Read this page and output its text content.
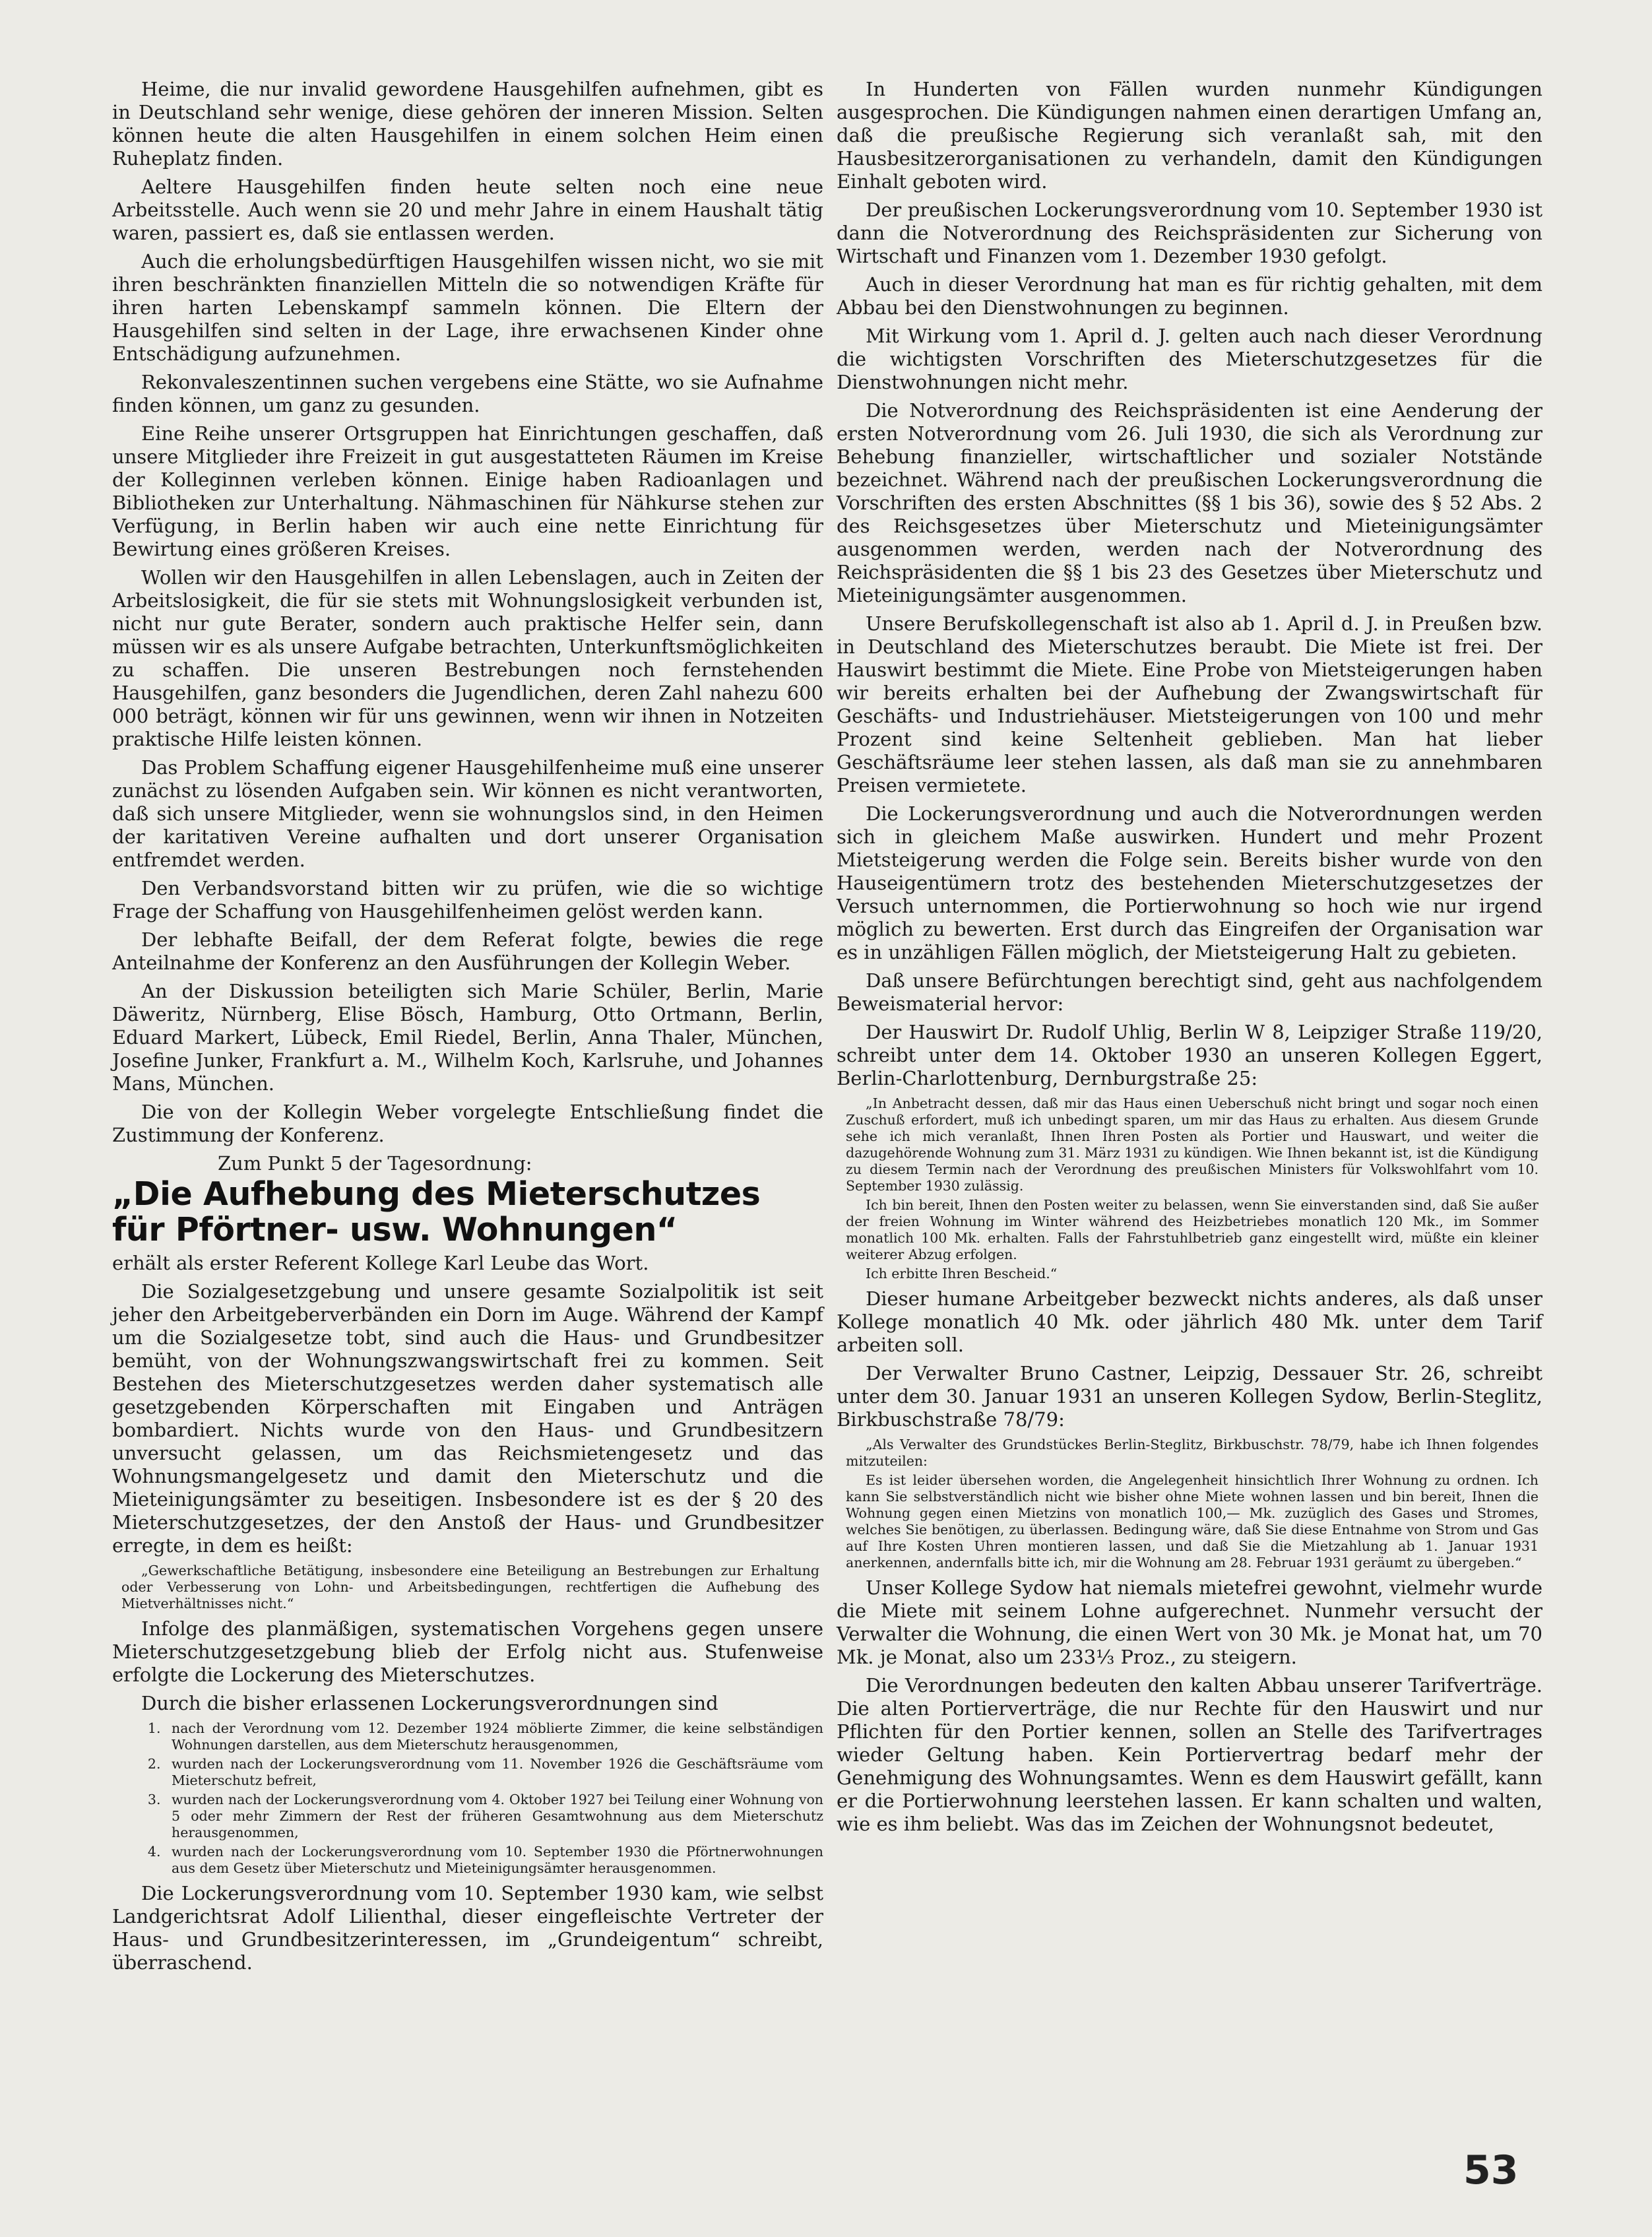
Heime, die nur invalid gewordene Hausgehilfen aufnehmen, gibt es in Deutschland sehr wenige, diese gehören der inneren Mission. Selten können heute die alten Hausgehilfen in einem solchen Heim einen Ruheplatz finden.

Aeltere Hausgehilfen finden heute selten noch eine neue Arbeitsstelle. Auch wenn sie 20 und mehr Jahre in einem Haushalt tätig waren, passiert es, daß sie entlassen werden.

Auch die erholungsbedürftigen Hausgehilfen wissen nicht, wo sie mit ihren beschränkten finanziellen Mitteln die so notwendigen Kräfte für ihren harten Lebenskampf sammeln können. Die Eltern der Hausgehilfen sind selten in der Lage, ihre erwachsenen Kinder ohne Entschädigung aufzunehmen.

Rekonvaleszentinnen suchen vergebens eine Stätte, wo sie Aufnahme finden können, um ganz zu gesunden.

Eine Reihe unserer Ortsgruppen hat Einrichtungen geschaffen, daß unsere Mitglieder ihre Freizeit in gut ausgestatteten Räumen im Kreise der Kolleginnen verleben können. Einige haben Radioanlagen und Bibliotheken zur Unterhaltung. Nähmaschinen für Nähkurse stehen zur Verfügung, in Berlin haben wir auch eine nette Einrichtung für Bewirtung eines größeren Kreises.

Wollen wir den Hausgehilfen in allen Lebenslagen, auch in Zeiten der Arbeitslosigkeit, die für sie stets mit Wohnungslosigkeit verbunden ist, nicht nur gute Berater, sondern auch praktische Helfer sein, dann müssen wir es als unsere Aufgabe betrachten, Unterkunftsmöglichkeiten zu schaffen. Die unseren Bestrebungen noch fernstehenden Hausgehilfen, ganz besonders die Jugendlichen, deren Zahl nahezu 600 000 beträgt, können wir für uns gewinnen, wenn wir ihnen in Notzeiten praktische Hilfe leisten können.

Das Problem Schaffung eigener Hausgehilfenheime muß eine unserer zunächst zu lösenden Aufgaben sein. Wir können es nicht verantworten, daß sich unsere Mitglieder, wenn sie wohnungslos sind, in den Heimen der karitativen Vereine aufhalten und dort unserer Organisation entfremdet werden.

Den Verbandsvorstand bitten wir zu prüfen, wie die so wichtige Frage der Schaffung von Hausgehilfenheimen gelöst werden kann.

Der lebhafte Beifall, der dem Referat folgte, bewies die rege Anteilnahme der Konferenz an den Ausführungen der Kollegin Weber.

An der Diskussion beteiligten sich Marie Schüler, Berlin, Marie Däweritz, Nürnberg, Elise Bösch, Hamburg, Otto Ortmann, Berlin, Eduard Markert, Lübeck, Emil Riedel, Berlin, Anna Thaler, München, Josefine Junker, Frankfurt a. M., Wilhelm Koch, Karlsruhe, und Johannes Mans, München.

Die von der Kollegin Weber vorgelegte Entschließung findet die Zustimmung der Konferenz.

Zum Punkt 5 der Tagesordnung:

„Die Aufhebung des Mieterschutzes für Pförtner- usw. Wohnungen“

erhält als erster Referent Kollege Karl Leube das Wort.

Die Sozialgesetzgebung und unsere gesamte Sozialpolitik ist seit jeher den Arbeitgeberverbänden ein Dorn im Auge. Während der Kampf um die Sozialgesetze tobt, sind auch die Haus- und Grundbesitzer bemüht, von der Wohnungszwangswirtschaft frei zu kommen. Seit Bestehen des Mieterschutzgesetzes werden daher systematisch alle gesetzgebenden Körperschaften mit Eingaben und Anträgen bombardiert. Nichts wurde von den Haus- und Grundbesitzern unversucht gelassen, um das Reichsmietengesetz und das Wohnungsmangelgesetz und damit den Mieterschutz und die Mieteinigungsämter zu beseitigen. Insbesondere ist es der § 20 des Mieterschutzgesetzes, der den Anstoß der Haus- und Grundbesitzer erregte, in dem es heißt:

„Gewerkschaftliche Betätigung, insbesondere eine Beteiligung an Bestrebungen zur Erhaltung oder Verbesserung von Lohn- und Arbeitsbedingungen, rechtfertigen die Aufhebung des Mietverhältnisses nicht.“

Infolge des planmäßigen, systematischen Vorgehens gegen unsere Mieterschutzgesetzgebung blieb der Erfolg nicht aus. Stufenweise erfolgte die Lockerung des Mieterschutzes.

Durch die bisher erlassenen Lockerungsverordnungen sind

1. nach der Verordnung vom 12. Dezember 1924 möblierte Zimmer, die keine selbständigen Wohnungen darstellen, aus dem Mieterschutz herausgenommen,
2. wurden nach der Lockerungsverordnung vom 11. November 1926 die Geschäftsräume vom Mieterschutz befreit,
3. wurden nach der Lockerungsverordnung vom 4. Oktober 1927 bei Teilung einer Wohnung von 5 oder mehr Zimmern der Rest der früheren Gesamtwohnung aus dem Mieterschutz herausgenommen,
4. wurden nach der Lockerungsverordnung vom 10. September 1930 die Pförtnerwohnungen aus dem Gesetz über Mieterschutz und Mieteinigungsämter herausgenommen.

Die Lockerungsverordnung vom 10. September 1930 kam, wie selbst Landgerichtsrat Adolf Lilienthal, dieser eingefleischte Vertreter der Haus- und Grundbesitzerinteressen, im „Grundeigentum“ schreibt, überraschend.

In Hunderten von Fällen wurden nunmehr Kündigungen ausgesprochen. Die Kündigungen nahmen einen derartigen Umfang an, daß die preußische Regierung sich veranlaßt sah, mit den Hausbesitzerorganisationen zu verhandeln, damit den Kündigungen Einhalt geboten wird.

Der preußischen Lockerungsverordnung vom 10. September 1930 ist dann die Notverordnung des Reichspräsidenten zur Sicherung von Wirtschaft und Finanzen vom 1. Dezember 1930 gefolgt.

Auch in dieser Verordnung hat man es für richtig gehalten, mit dem Abbau bei den Dienstwohnungen zu beginnen.

Mit Wirkung vom 1. April d. J. gelten auch nach dieser Verordnung die wichtigsten Vorschriften des Mieterschutzgesetzes für die Dienstwohnungen nicht mehr.

Die Notverordnung des Reichspräsidenten ist eine Aenderung der ersten Notverordnung vom 26. Juli 1930, die sich als Verordnung zur Behebung finanzieller, wirtschaftlicher und sozialer Notstände bezeichnet. Während nach der preußischen Lockerungsverordnung die Vorschriften des ersten Abschnittes (§§ 1 bis 36), sowie des § 52 Abs. 2 des Reichsgesetzes über Mieterschutz und Mieteinigungsämter ausgenommen werden, werden nach der Notverordnung des Reichspräsidenten die §§ 1 bis 23 des Gesetzes über Mieterschutz und Mieteinigungsämter ausgenommen.

Unsere Berufskollegenschaft ist also ab 1. April d. J. in Preußen bzw. in Deutschland des Mieterschutzes beraubt. Die Miete ist frei. Der Hauswirt bestimmt die Miete. Eine Probe von Mietsteigerungen haben wir bereits erhalten bei der Aufhebung der Zwangswirtschaft für Geschäfts- und Industriehäuser. Mietsteigerungen von 100 und mehr Prozent sind keine Seltenheit geblieben. Man hat lieber Geschäftsräume leer stehen lassen, als daß man sie zu annehmbaren Preisen vermietete.

Die Lockerungsverordnung und auch die Notverordnungen werden sich in gleichem Maße auswirken. Hundert und mehr Prozent Mietsteigerung werden die Folge sein. Bereits bisher wurde von den Hauseigentümern trotz des bestehenden Mieterschutzgesetzes der Versuch unternommen, die Portierwohnung so hoch wie nur irgend möglich zu bewerten. Erst durch das Eingreifen der Organisation war es in unzähligen Fällen möglich, der Mietsteigerung Halt zu gebieten.

Daß unsere Befürchtungen berechtigt sind, geht aus nachfolgendem Beweismaterial hervor:

Der Hauswirt Dr. Rudolf Uhlig, Berlin W 8, Leipziger Straße 119/20, schreibt unter dem 14. Oktober 1930 an unseren Kollegen Eggert, Berlin-Charlottenburg, Dernburgstraße 25:

„In Anbetracht dessen, daß mir das Haus einen Ueberschuß nicht bringt und sogar noch einen Zuschuß erfordert, muß ich unbedingt sparen, um mir das Haus zu erhalten. Aus diesem Grunde sehe ich mich veranlaßt, Ihnen Ihren Posten als Portier und Hauswart, und weiter die dazugehörende Wohnung zum 31. März 1931 zu kündigen. Wie Ihnen bekannt ist, ist die Kündigung zu diesem Termin nach der Verordnung des preußischen Ministers für Volkswohlfahrt vom 10. September 1930 zulässig.

Ich bin bereit, Ihnen den Posten weiter zu belassen, wenn Sie einverstanden sind, daß Sie außer der freien Wohnung im Winter während des Heizbetriebes monatlich 120 Mk., im Sommer monatlich 100 Mk. erhalten. Falls der Fahrstuhlbetrieb ganz eingestellt wird, müßte ein kleiner weiterer Abzug erfolgen.

Ich erbitte Ihren Bescheid.“

Dieser humane Arbeitgeber bezweckt nichts anderes, als daß unser Kollege monatlich 40 Mk. oder jährlich 480 Mk. unter dem Tarif arbeiten soll.

Der Verwalter Bruno Castner, Leipzig, Dessauer Str. 26, schreibt unter dem 30. Januar 1931 an unseren Kollegen Sydow, Berlin-Steglitz, Birkbuschstraße 78/79:

„Als Verwalter des Grundstückes Berlin-Steglitz, Birkbuschstr. 78/79, habe ich Ihnen folgendes mitzuteilen:

Es ist leider übersehen worden, die Angelegenheit hinsichtlich Ihrer Wohnung zu ordnen. Ich kann Sie selbstverständlich nicht wie bisher ohne Miete wohnen lassen und bin bereit, Ihnen die Wohnung gegen einen Mietzins von monatlich 100,— Mk. zuzüglich des Gases und Stromes, welches Sie benötigen, zu überlassen. Bedingung wäre, daß Sie diese Entnahme von Strom und Gas auf Ihre Kosten Uhren montieren lassen, und daß Sie die Mietzahlung ab 1. Januar 1931 anerkennen, andernfalls bitte ich, mir die Wohnung am 28. Februar 1931 geräumt zu übergeben.“

Unser Kollege Sydow hat niemals mietefrei gewohnt, vielmehr wurde die Miete mit seinem Lohne aufgerechnet. Nunmehr versucht der Verwalter die Wohnung, die einen Wert von 30 Mk. je Monat hat, um 70 Mk. je Monat, also um 233⅓ Proz., zu steigern.

Die Verordnungen bedeuten den kalten Abbau unserer Tarifverträge. Die alten Portierverträge, die nur Rechte für den Hauswirt und nur Pflichten für den Portier kennen, sollen an Stelle des Tarifvertrages wieder Geltung haben. Kein Portiervertrag bedarf mehr der Genehmigung des Wohnungsamtes. Wenn es dem Hauswirt gefällt, kann er die Portierwohnung leerstehen lassen. Er kann schalten und walten, wie es ihm beliebt. Was das im Zeichen der Wohnungsnot bedeutet,

53
